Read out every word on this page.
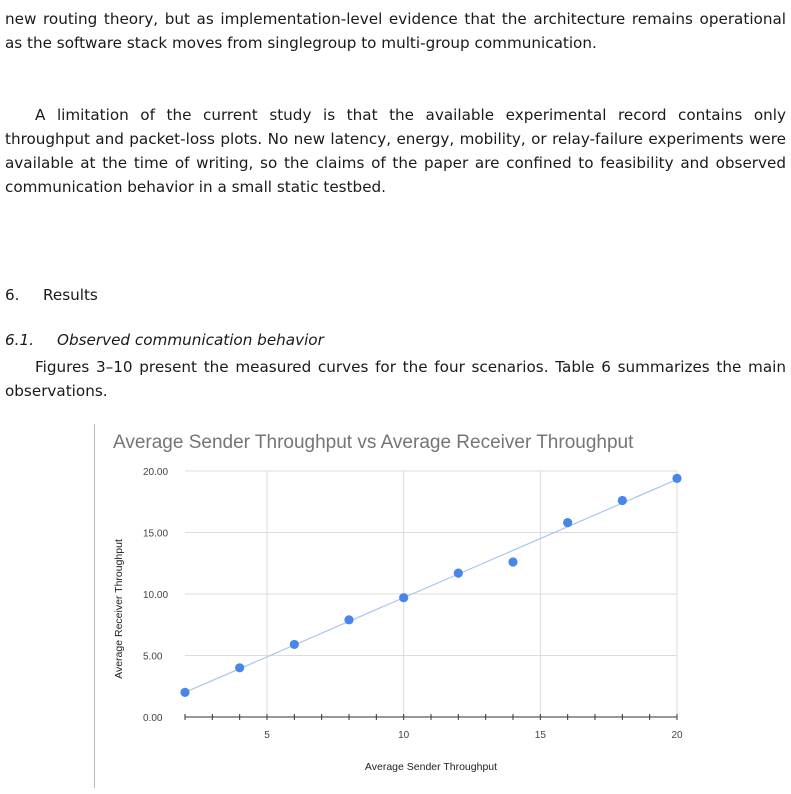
new routing theory, but as implementation-level evidence that the architecture remains operational as the software stack moves from singlegroup to multi-group communication.

A limitation of the current study is that the available experimental record contains only throughput and packet-loss plots. No new latency, energy, mobility, or relay-failure experiments were available at the time of writing, so the claims of the paper are confined to feasibility and observed communication behavior in a small static testbed.

6. Results
6.1. Observed communication behavior

Figures 3–10 present the measured curves for the four scenarios. Table 6 summarizes the main observations.

Average Sender Throughput vs Average Receiver Throughput
0.00
5.00
10.00
15.00
20.00
5	10	15	20
Average Sender Throughput
Average Receiver Throughput
